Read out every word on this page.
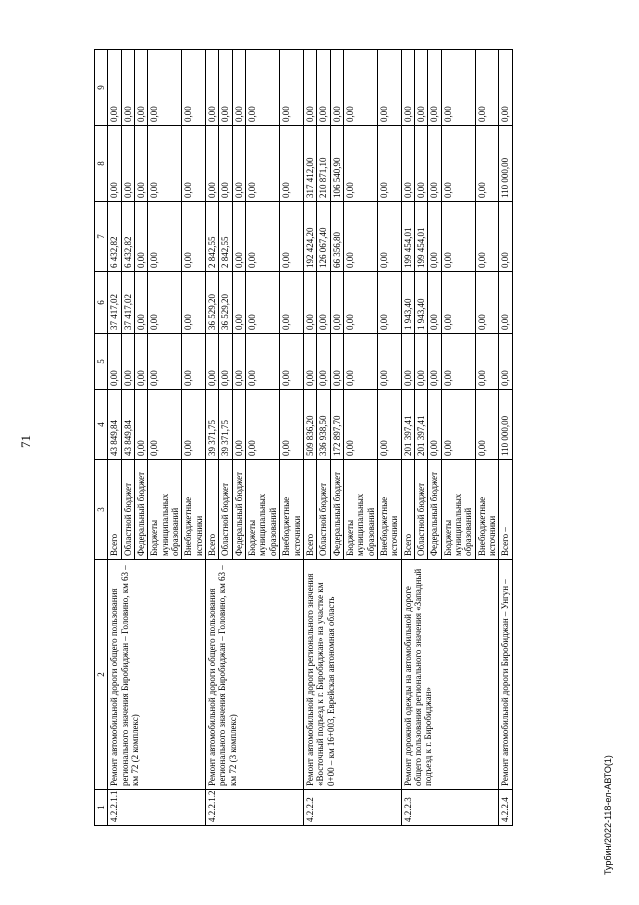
71
1	2	3	4	5	6	7	8	9
4.2.2.1.1	Ремонт автомобильной дороги общего пользования регионального значения Биробиджан – Головино, км 63 – км 72 (2 комплекс)	Всего	43 849,84	0,00	37 417,02	6 432,82	0,00	0,00
		Областной бюджет	43 849,84	0,00	37 417,02	6 432,82	0,00	0,00
		Федеральный бюджет	0,00	0,00	0,00	0,00	0,00	0,00
		Бюджеты муниципальных образований	0,00	0,00	0,00	0,00	0,00	0,00
		Внебюджетные источники	0,00	0,00	0,00	0,00	0,00	0,00
4.2.2.1.2	Ремонт автомобильной дороги общего пользования регионального значения Биробиджан – Головино, км 63 – км 72 (3 комплекс)	Всего	39 371,75	0,00	36 529,20	2 842,55	0,00	0,00
		Областной бюджет	39 371,75	0,00	36 529,20	2 842,55	0,00	0,00
		Федеральный бюджет	0,00	0,00	0,00	0,00	0,00	0,00
		Бюджеты муниципальных образований	0,00	0,00	0,00	0,00	0,00	0,00
		Внебюджетные источники	0,00	0,00	0,00	0,00	0,00	0,00
4.2.2.2	Ремонт автомобильной дороги регионального значения «Восточный подъезд к г. Биробиджан» на участке км 0+00 – км 16+003, Еврейская автономная область	Всего	509 836,20	0,00	0,00	192 424,20	317 412,00	0,00
		Областной бюджет	336 938,50	0,00	0,00	126 067,40	210 871,10	0,00
		Федеральный бюджет	172 897,70	0,00	0,00	66 356,80	106 540,90	0,00
		Бюджеты муниципальных образований	0,00	0,00	0,00	0,00	0,00	0,00
		Внебюджетные источники	0,00	0,00	0,00	0,00	0,00	0,00
4.2.2.3	Ремонт дорожной одежды на автомобильной дороге общего пользования регионального значения «Западный подъезд к г. Биробиджан»	Всего	201 397,41	0,00	1 943,40	199 454,01	0,00	0,00
		Областной бюджет	201 397,41	0,00	1 943,40	199 454,01	0,00	0,00
		Федеральный бюджет	0,00	0,00	0,00	0,00	0,00	0,00
		Бюджеты муниципальных образований	0,00	0,00	0,00	0,00	0,00	0,00
		Внебюджетные источники	0,00	0,00	0,00	0,00	0,00	0,00
4.2.2.4	Ремонт автомобильной дороги Биробиджан – Унгун –	Всего –	110 000,00	0,00	0,00	0,00	110 000,00	0,00
Турбин/2022-118-ел-АВТО(1)
